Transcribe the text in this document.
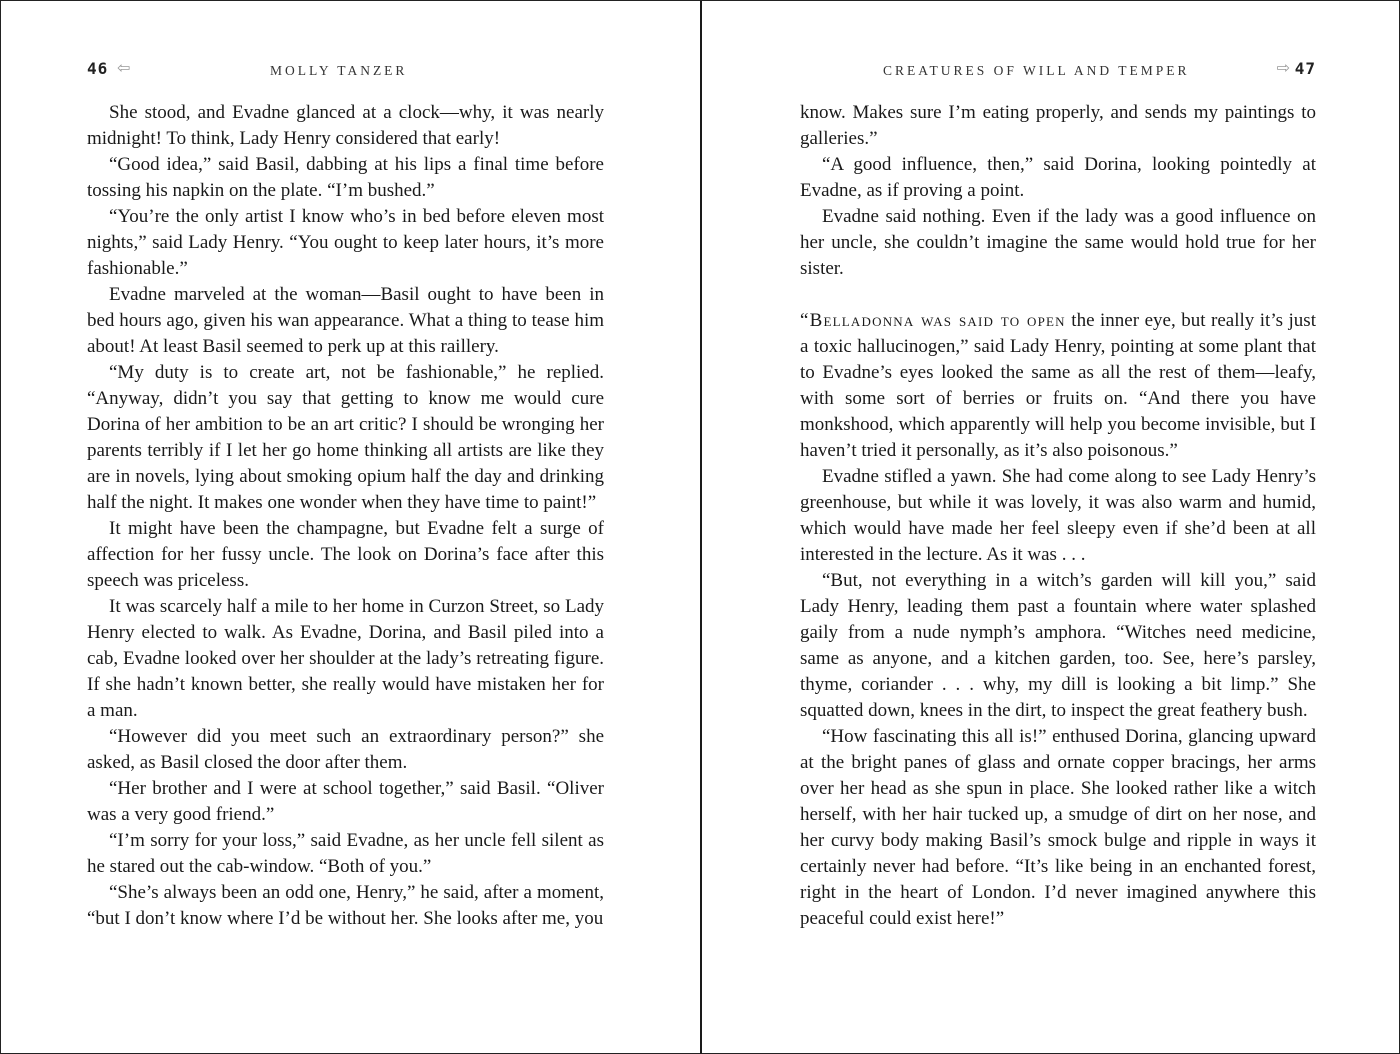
46 ⇦	MOLLY TANZER

She stood, and Evadne glanced at a clock—why, it was nearly midnight! To think, Lady Henry considered that early!

“Good idea,” said Basil, dabbing at his lips a final time before tossing his napkin on the plate. “I’m bushed.”

“You’re the only artist I know who’s in bed before eleven most nights,” said Lady Henry. “You ought to keep later hours, it’s more fashionable.”

Evadne marveled at the woman—Basil ought to have been in bed hours ago, given his wan appearance. What a thing to tease him about! At least Basil seemed to perk up at this raillery.

“My duty is to create art, not be fashionable,” he replied. “Anyway, didn’t you say that getting to know me would cure Dorina of her ambition to be an art critic? I should be wronging her parents terribly if I let her go home thinking all artists are like they are in novels, lying about smoking opium half the day and drinking half the night. It makes one wonder when they have time to paint!”

It might have been the champagne, but Evadne felt a surge of affection for her fussy uncle. The look on Dorina’s face after this speech was priceless.

It was scarcely half a mile to her home in Curzon Street, so Lady Henry elected to walk. As Evadne, Dorina, and Basil piled into a cab, Evadne looked over her shoulder at the lady’s retreating figure. If she hadn’t known better, she really would have mistaken her for a man.

“However did you meet such an extraordinary person?” she asked, as Basil closed the door after them.

“Her brother and I were at school together,” said Basil. “Oliver was a very good friend.”

“I’m sorry for your loss,” said Evadne, as her uncle fell silent as he stared out the cab-window. “Both of you.”

“She’s always been an odd one, Henry,” he said, after a moment, “but I don’t know where I’d be without her. She looks after me, you

CREATURES OF WILL AND TEMPER	⇨ 47

know. Makes sure I’m eating properly, and sends my paintings to galleries.”

“A good influence, then,” said Dorina, looking pointedly at Evadne, as if proving a point.

Evadne said nothing. Even if the lady was a good influence on her uncle, she couldn’t imagine the same would hold true for her sister.

“Belladonna was said to open the inner eye, but really it’s just a toxic hallucinogen,” said Lady Henry, pointing at some plant that to Evadne’s eyes looked the same as all the rest of them—leafy, with some sort of berries or fruits on. “And there you have monkshood, which apparently will help you become invisible, but I haven’t tried it personally, as it’s also poisonous.”

Evadne stifled a yawn. She had come along to see Lady Henry’s greenhouse, but while it was lovely, it was also warm and humid, which would have made her feel sleepy even if she’d been at all interested in the lecture. As it was . . .

“But, not everything in a witch’s garden will kill you,” said Lady Henry, leading them past a fountain where water splashed gaily from a nude nymph’s amphora. “Witches need medicine, same as anyone, and a kitchen garden, too. See, here’s parsley, thyme, coriander . . . why, my dill is looking a bit limp.” She squatted down, knees in the dirt, to inspect the great feathery bush.

“How fascinating this all is!” enthused Dorina, glancing upward at the bright panes of glass and ornate copper bracings, her arms over her head as she spun in place. She looked rather like a witch herself, with her hair tucked up, a smudge of dirt on her nose, and her curvy body making Basil’s smock bulge and ripple in ways it certainly never had before. “It’s like being in an enchanted forest, right in the heart of London. I’d never imagined anywhere this peaceful could exist here!”
